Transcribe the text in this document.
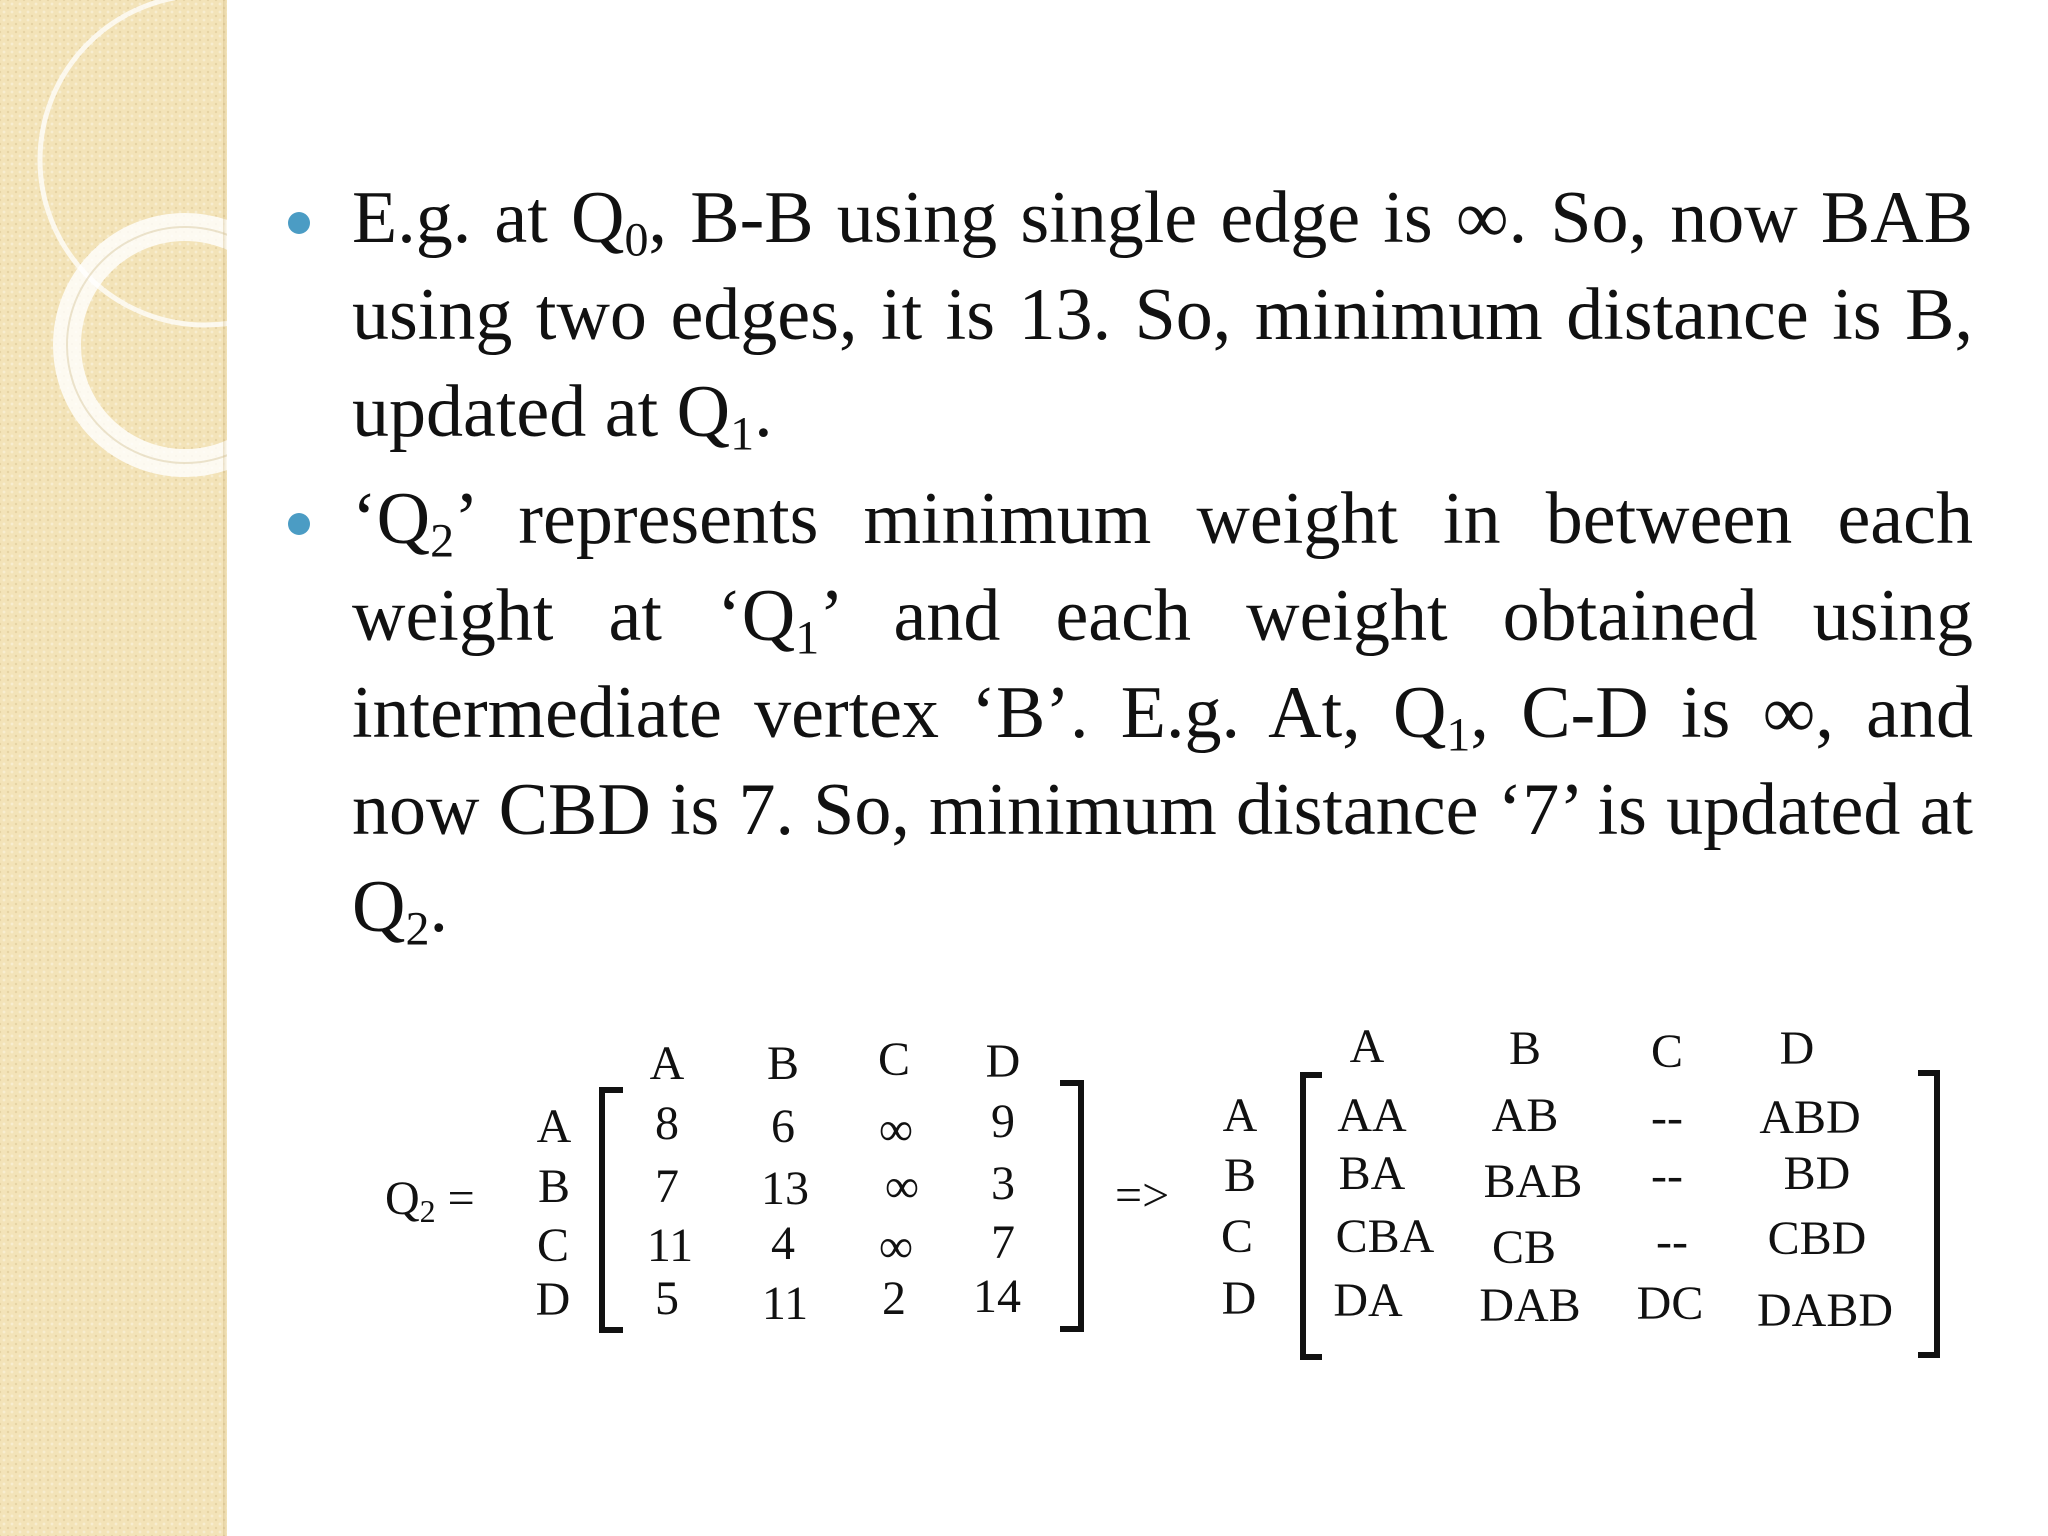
E.g. at $Q_0$, B-B using single edge is ∞. So, now BAB using two edges, it is 13. So, minimum distance is B, updated at $Q_1$.
‘$Q_2$’ represents minimum weight in between each weight at ‘$Q_1$’ and each weight obtained using intermediate vertex ‘B’. E.g. At, $Q_1$, C-D is ∞, and now CBD is 7. So, minimum distance ‘7’ is updated at $Q_2$.
$Q_2$ =
A B C D
A
B
C
D
8 6 ∞ 9
7 13 ∞ 3
11 4 ∞ 7
5 11 2 14
=>
A	B C D
A
B
C
D
AA AB -- ABD
BA BAB -- BD
CBA CB -- CBD
DA DAB DC DABD
